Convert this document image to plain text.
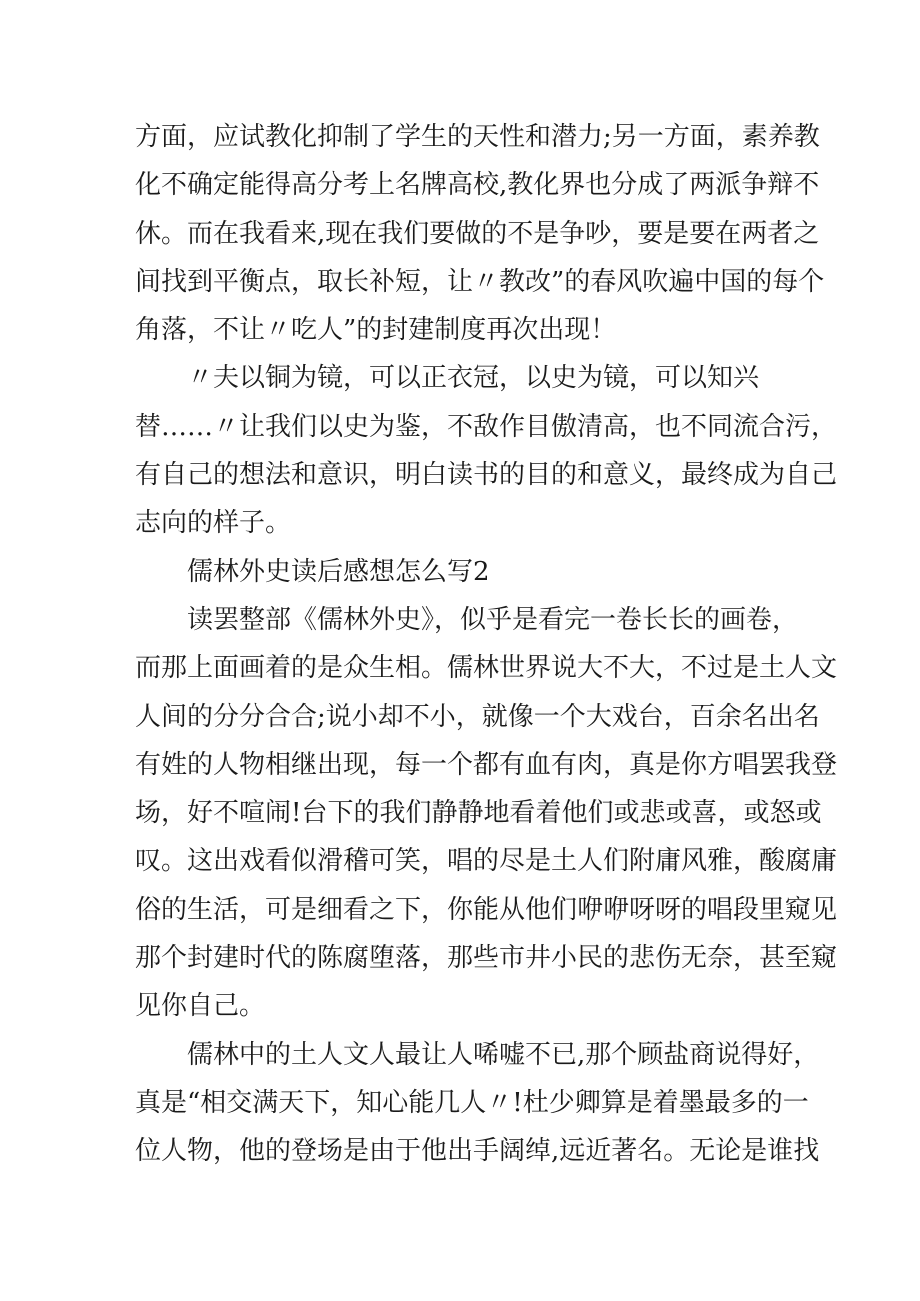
方面，应试教化抑制了学生的天性和潜力;另一方面，素养教
化不确定能得高分考上名牌高校,教化界也分成了两派争辩不
休。而在我看来,现在我们要做的不是争吵，要是要在两者之
间找到平衡点，取长补短，让〃教改”的春风吹遍中国的每个
角落，不让〃吃人”的封建制度再次出现！
〃夫以铜为镜，可以正衣冠，以史为镜，可以知兴
替……〃让我们以史为鉴，不敌作目傲清高，也不同流合污，
有自己的想法和意识，明白读书的目的和意义，最终成为自己
志向的样子。
儒林外史读后感想怎么写2
读罢整部《儒林外史》，似乎是看完一卷长长的画卷，
而那上面画着的是众生相。儒林世界说大不大，不过是土人文
人间的分分合合;说小却不小，就像一个大戏台，百余名出名
有姓的人物相继出现，每一个都有血有肉，真是你方唱罢我登
场，好不喧闹!台下的我们静静地看着他们或悲或喜，或怒或
叹。这出戏看似滑稽可笑，唱的尽是土人们附庸风雅，酸腐庸
俗的生活，可是细看之下，你能从他们咿咿呀呀的唱段里窥见
那个封建时代的陈腐堕落，那些市井小民的悲伤无奈，甚至窥
见你自己。
儒林中的土人文人最让人唏嘘不已,那个顾盐商说得好，
真是“相交满天下，知心能几人〃!杜少卿算是着墨最多的一
位人物，他的登场是由于他出手阔绰,远近著名。无论是谁找
